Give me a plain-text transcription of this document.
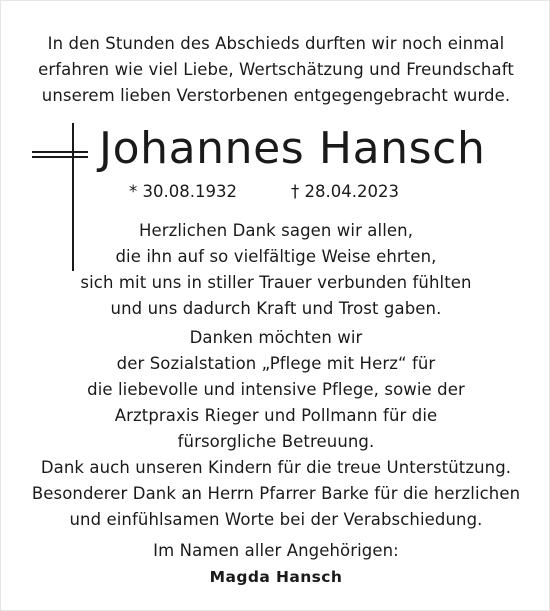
In den Stunden des Abschieds durften wir noch einmal
erfahren wie viel Liebe, Wertschätzung und Freundschaft
unserem lieben Verstorbenen entgegengebracht wurde.
Johannes Hansch
* 30.08.1932	† 28.04.2023
Herzlichen Dank sagen wir allen,
die ihn auf so vielfältige Weise ehrten,
sich mit uns in stiller Trauer verbunden fühlten
und uns dadurch Kraft und Trost gaben.
Danken möchten wir
der Sozialstation „Pflege mit Herz“ für
die liebevolle und intensive Pflege, sowie der
Arztpraxis Rieger und Pollmann für die
fürsorgliche Betreuung.
Dank auch unseren Kindern für die treue Unterstützung.
Besonderer Dank an Herrn Pfarrer Barke für die herzlichen
und einfühlsamen Worte bei der Verabschiedung.
Im Namen aller Angehörigen:
Magda Hansch
